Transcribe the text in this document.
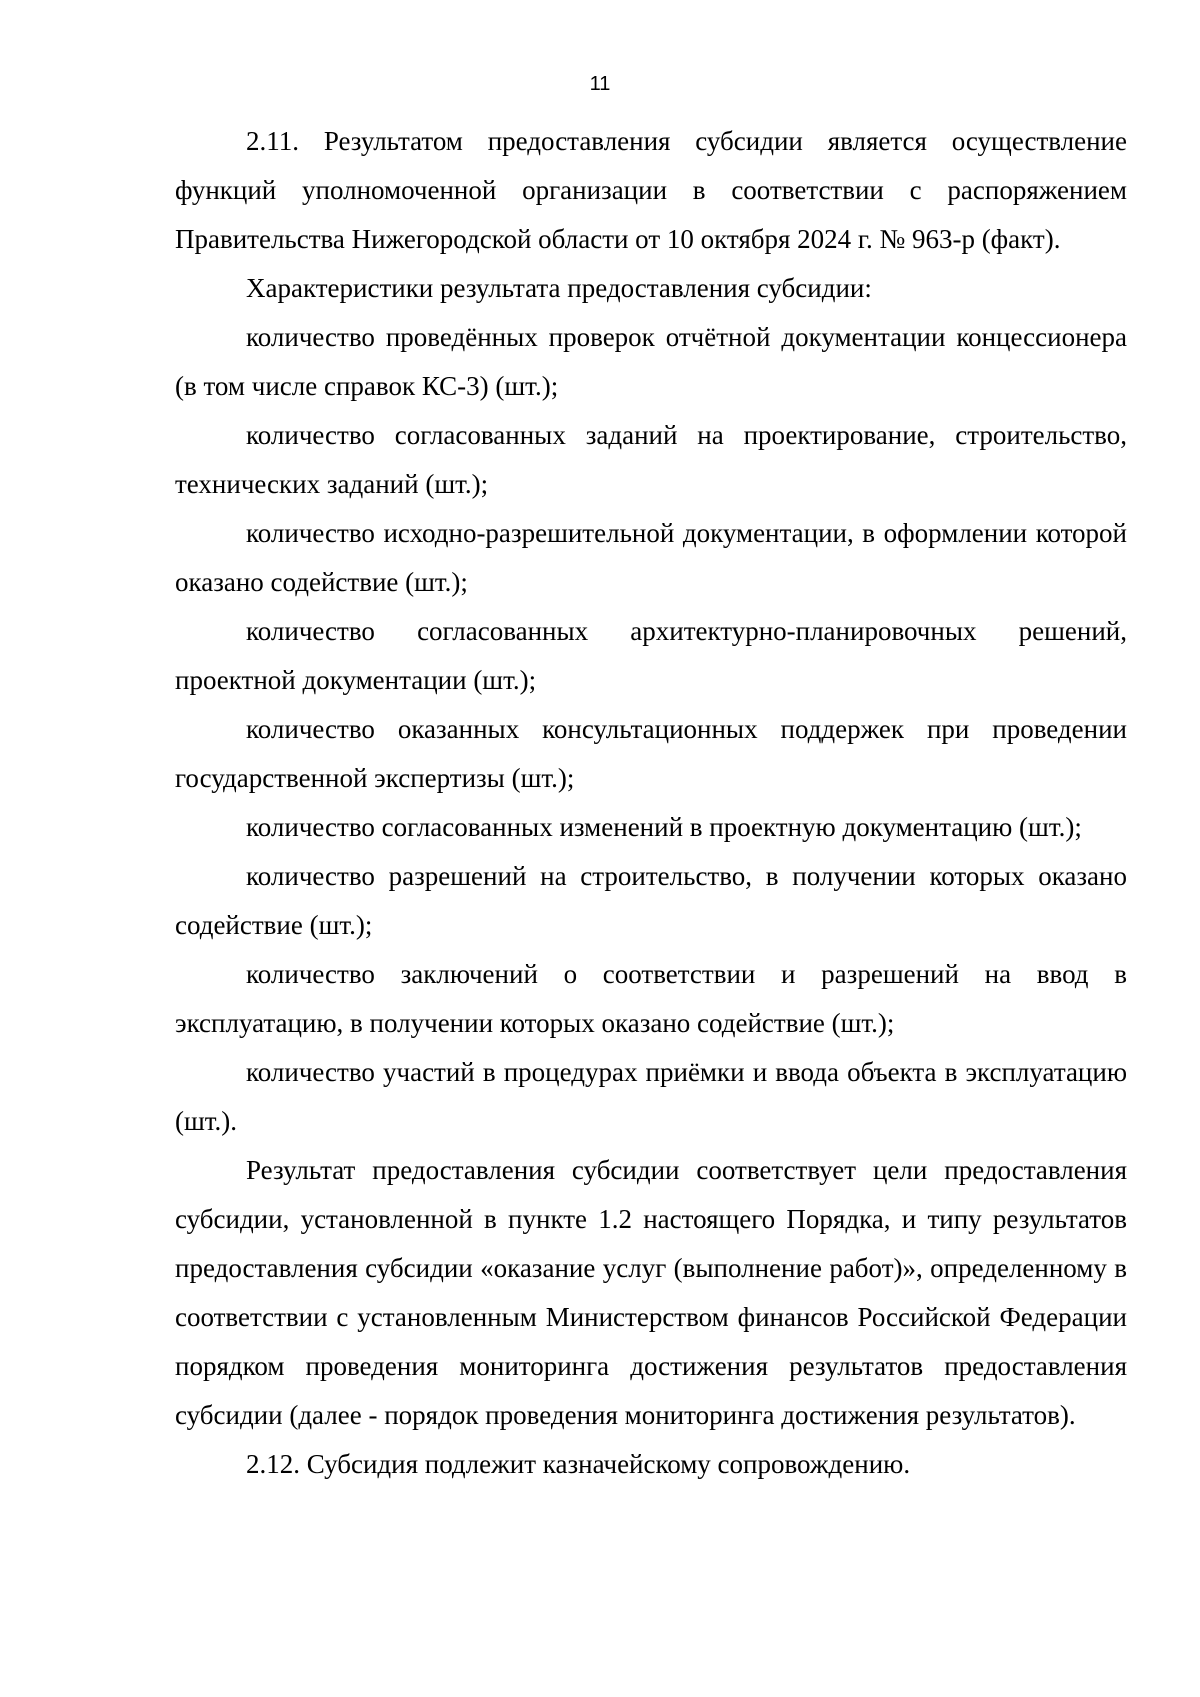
11

2.11. Результатом предоставления субсидии является осуществление функций уполномоченной организации в соответствии с распоряжением Правительства Нижегородской области от 10 октября 2024 г. № 963-р (факт).

Характеристики результата предоставления субсидии:

количество проведённых проверок отчётной документации концессионера (в том числе справок КС-3) (шт.);

количество согласованных заданий на проектирование, строительство, технических заданий (шт.);

количество исходно-разрешительной документации, в оформлении которой оказано содействие (шт.);

количество согласованных архитектурно-планировочных решений, проектной документации (шт.);

количество оказанных консультационных поддержек при проведении государственной экспертизы (шт.);

количество согласованных изменений в проектную документацию (шт.);

количество разрешений на строительство, в получении которых оказано содействие (шт.);

количество заключений о соответствии и разрешений на ввод в эксплуатацию, в получении которых оказано содействие (шт.);

количество участий в процедурах приёмки и ввода объекта в эксплуатацию (шт.).

Результат предоставления субсидии соответствует цели предоставления субсидии, установленной в пункте 1.2 настоящего Порядка, и типу результатов предоставления субсидии «оказание услуг (выполнение работ)», определенному в соответствии с установленным Министерством финансов Российской Федерации порядком проведения мониторинга достижения результатов предоставления субсидии (далее - порядок проведения мониторинга достижения результатов).

2.12. Субсидия подлежит казначейскому сопровождению.
